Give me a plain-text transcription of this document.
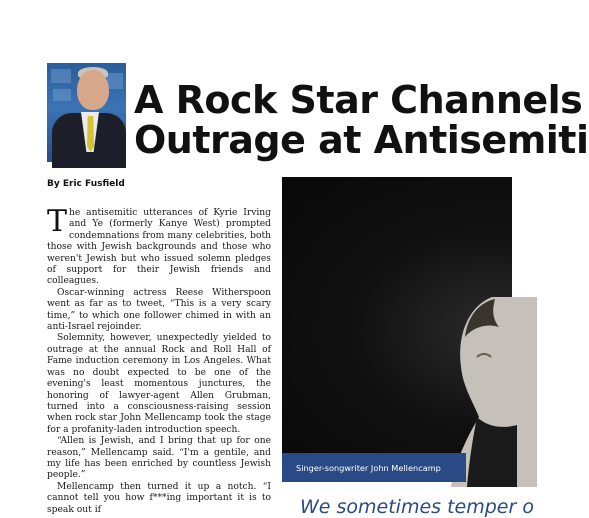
A Rock Star Channels
Outrage at Antisemiti
By Eric Fusfield

The antisemitic utterances of Kyrie Irving and Ye (formerly Kanye West) prompted condemnations from many celebrities, both those with Jewish backgrounds and those who weren't Jewish but who issued solemn pledges of support for their Jewish friends and colleagues.

Oscar-winning actress Reese Witherspoon went as far as to tweet, “This is a very scary time,” to which one follower chimed in with an anti-Israel rejoinder.

Solemnity, however, unexpectedly yielded to outrage at the annual Rock and Roll Hall of Fame induction ceremony in Los Angeles. What was no doubt expected to be one of the evening's least momentous junctures, the honoring of lawyer-agent Allen Grubman, turned into a consciousness-raising session when rock star John Mellencamp took the stage for a profanity-laden introduction speech.

“Allen is Jewish, and I bring that up for one reason,” Mellencamp said. “I'm a gentile, and my life has been enriched by countless Jewish people.”

Mellencamp then turned it up a notch. “I cannot tell you how f***ing important it is to speak out if

Singer-songwriter John Mellencamp
We sometimes temper o
